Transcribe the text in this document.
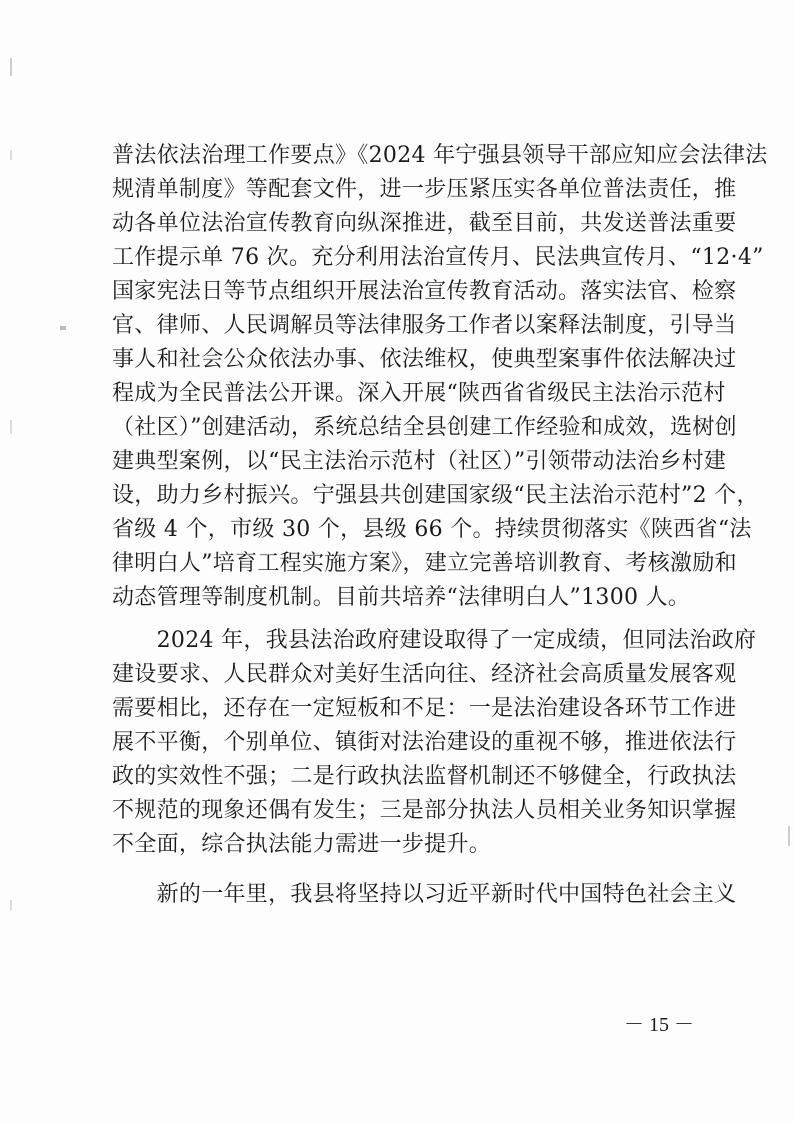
普法依法治理工作要点》《2024 年宁强县领导干部应知应会法律法
规清单制度》等配套文件，进一步压紧压实各单位普法责任，推
动各单位法治宣传教育向纵深推进，截至目前，共发送普法重要
工作提示单 76 次。充分利用法治宣传月、民法典宣传月、“12·4”
国家宪法日等节点组织开展法治宣传教育活动。落实法官、检察
官、律师、人民调解员等法律服务工作者以案释法制度，引导当
事人和社会公众依法办事、依法维权，使典型案事件依法解决过
程成为全民普法公开课。深入开展“陕西省省级民主法治示范村
（社区）”创建活动，系统总结全县创建工作经验和成效，选树创
建典型案例，以“民主法治示范村（社区）”引领带动法治乡村建
设，助力乡村振兴。宁强县共创建国家级“民主法治示范村”2 个，
省级 4 个，市级 30 个，县级 66 个。持续贯彻落实《陕西省“法
律明白人”培育工程实施方案》，建立完善培训教育、考核激励和
动态管理等制度机制。目前共培养“法律明白人”1300 人。
　　2024 年，我县法治政府建设取得了一定成绩，但同法治政府
建设要求、人民群众对美好生活向往、经济社会高质量发展客观
需要相比，还存在一定短板和不足：一是法治建设各环节工作进
展不平衡，个别单位、镇街对法治建设的重视不够，推进依法行
政的实效性不强；二是行政执法监督机制还不够健全，行政执法
不规范的现象还偶有发生；三是部分执法人员相关业务知识掌握
不全面，综合执法能力需进一步提升。
　　新的一年里，我县将坚持以习近平新时代中国特色社会主义
－ 15 －
